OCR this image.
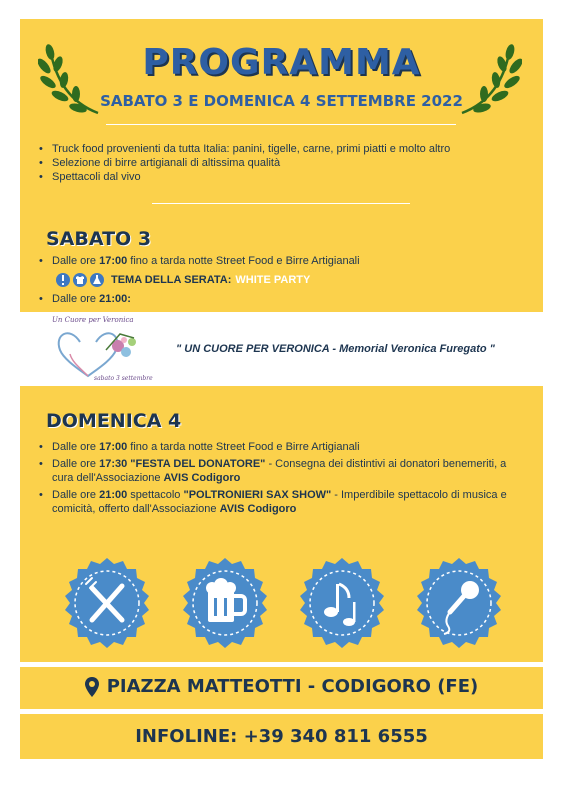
PROGRAMMA
SABATO 3 E DOMENICA 4 SETTEMBRE 2022
• Truck food provenienti da tutta Italia: panini, tigelle, carne, primi piatti e molto altro
• Selezione di birre artigianali di altissima qualità
• Spettacoli dal vivo
SABATO 3
• Dalle ore 17:00 fino a tarda notte Street Food e Birre Artigianali
TEMA DELLA SERATA: WHITE PARTY
• Dalle ore 21:00:
Un Cuore per Veronica
sabato 3 settembre
" UN CUORE PER VERONICA - Memorial Veronica Furegato "
DOMENICA 4
• Dalle ore 17:00 fino a tarda notte Street Food e Birre Artigianali
• Dalle ore 17:30 "FESTA DEL DONATORE" - Consegna dei distintivi ai donatori benemeriti, a cura dell'Associazione AVIS Codigoro
• Dalle ore 21:00 spettacolo "POLTRONIERI SAX SHOW" - Imperdibile spettacolo di musica e comicità, offerto dall'Associazione AVIS Codigoro
PIAZZA MATTEOTTI - CODIGORO (FE)
INFOLINE: +39 340 811 6555
